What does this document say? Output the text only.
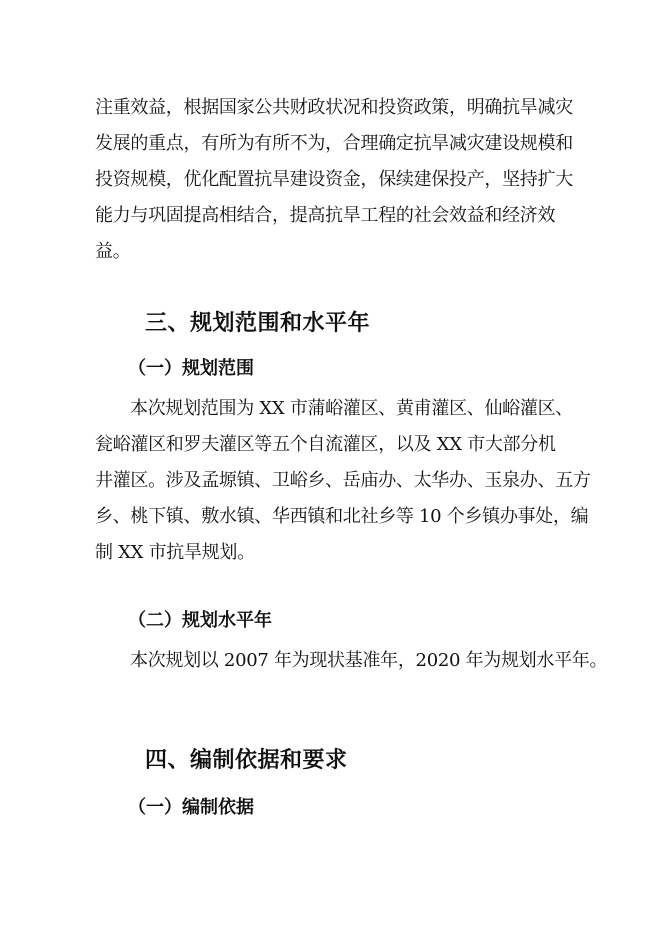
注重效益，根据国家公共财政状况和投资政策，明确抗旱减灾
发展的重点，有所为有所不为，合理确定抗旱减灾建设规模和
投资规模，优化配置抗旱建设资金，保续建保投产，坚持扩大
能力与巩固提高相结合，提高抗旱工程的社会效益和经济效
益。
三、规划范围和水平年
（一）规划范围
本次规划范围为 XX 市蒲峪灌区、黄甫灌区、仙峪灌区、
瓮峪灌区和罗夫灌区等五个自流灌区，以及 XX 市大部分机
井灌区。涉及孟塬镇、卫峪乡、岳庙办、太华办、玉泉办、五方
乡、桃下镇、敷水镇、华西镇和北社乡等 10 个乡镇办事处，编
制 XX 市抗旱规划。
（二）规划水平年
本次规划以 2007 年为现状基准年，2020 年为规划水平年。
四、编制依据和要求
（一）编制依据
